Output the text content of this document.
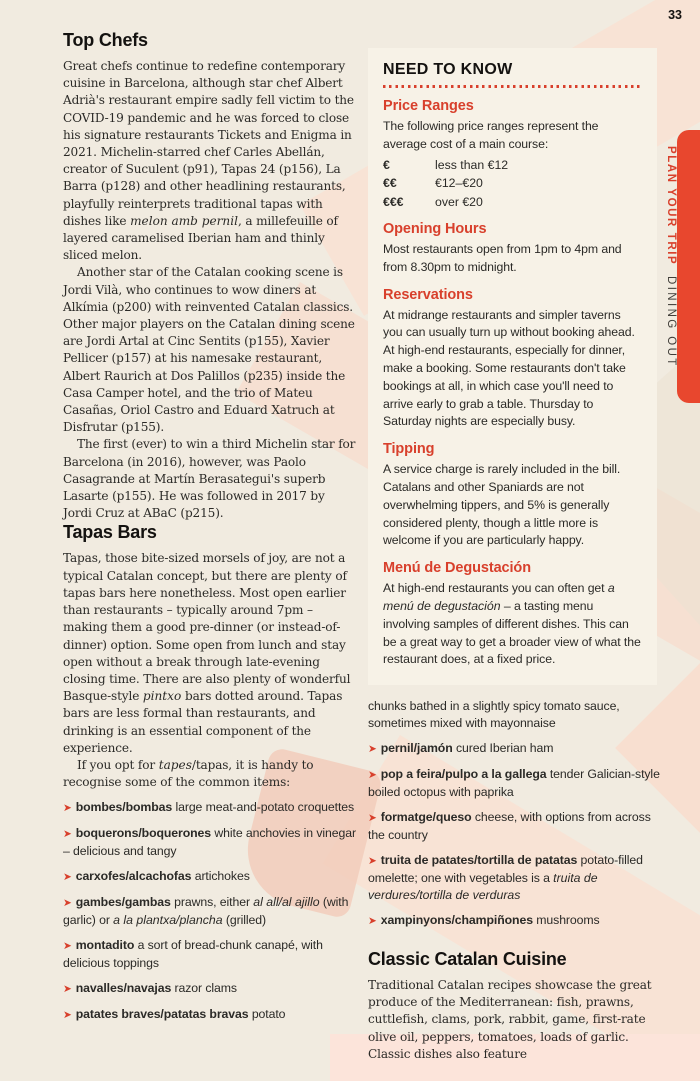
33
PLAN YOUR TRIP DINING OUT
Top Chefs

Great chefs continue to redefine contemporary cuisine in Barcelona, although star chef Albert Adrià's restaurant empire sadly fell victim to the COVID-19 pandemic and he was forced to close his signature restaurants Tickets and Enigma in 2021. Michelin-starred chef Carles Abellán, creator of Suculent (p91), Tapas 24 (p156), La Barra (p128) and other headlining restaurants, playfully reinterprets traditional tapas with dishes like melon amb pernil, a millefeuille of layered caramelised Iberian ham and thinly sliced melon.

Another star of the Catalan cooking scene is Jordi Vilà, who continues to wow diners at Alkímia (p200) with reinvented Catalan classics. Other major players on the Catalan dining scene are Jordi Artal at Cinc Sentits (p155), Xavier Pellicer (p157) at his namesake restaurant, Albert Raurich at Dos Palillos (p235) inside the Casa Camper hotel, and the trio of Mateu Casañas, Oriol Castro and Eduard Xatruch at Disfrutar (p155).

The first (ever) to win a third Michelin star for Barcelona (in 2016), however, was Paolo Casagrande at Martín Berasategui's superb Lasarte (p155). He was followed in 2017 by Jordi Cruz at ABaC (p215).

Tapas Bars

Tapas, those bite-sized morsels of joy, are not a typical Catalan concept, but there are plenty of tapas bars here nonetheless. Most open earlier than restaurants – typically around 7pm – making them a good pre-dinner (or instead-of-dinner) option. Some open from lunch and stay open without a break through late-evening closing time. There are also plenty of wonderful Basque-style pintxo bars dotted around. Tapas bars are less formal than restaurants, and drinking is an essential component of the experience.

If you opt for tapes/tapas, it is handy to recognise some of the common items:

➤ bombes/bombas large meat-and-potato croquettes

➤ boquerons/boquerones white anchovies in vinegar – delicious and tangy

➤ carxofes/alcachofas artichokes

➤ gambes/gambas prawns, either al all/al ajillo (with garlic) or a la plantxa/plancha (grilled)

➤ montadito a sort of bread-chunk canapé, with delicious toppings

➤ navalles/navajas razor clams

➤ patates braves/patatas bravas potato

NEED TO KNOW
Price Ranges

The following price ranges represent the average cost of a main course:

€	less than €12
€€	€12–€20
€€€	over €20
Opening Hours

Most restaurants open from 1pm to 4pm and from 8.30pm to midnight.

Reservations

At midrange restaurants and simpler taverns you can usually turn up without booking ahead. At high-end restaurants, especially for dinner, make a booking. Some restaurants don't take bookings at all, in which case you'll need to arrive early to grab a table. Thursday to Saturday nights are especially busy.

Tipping

A service charge is rarely included in the bill. Catalans and other Spaniards are not overwhelming tippers, and 5% is generally considered plenty, though a little more is welcome if you are particularly happy.

Menú de Degustación

At high-end restaurants you can often get a menú de degustación – a tasting menu involving samples of different dishes. This can be a great way to get a broader view of what the restaurant does, at a fixed price.

chunks bathed in a slightly spicy tomato sauce, sometimes mixed with mayonnaise

➤ pernil/jamón cured Iberian ham

➤ pop a feira/pulpo a la gallega tender Galician-style boiled octopus with paprika

➤ formatge/queso cheese, with options from across the country

➤ truita de patates/tortilla de patatas potato-filled omelette; one with vegetables is a truita de verdures/tortilla de verduras

➤ xampinyons/champiñones mushrooms

Classic Catalan Cuisine

Traditional Catalan recipes showcase the great produce of the Mediterranean: fish, prawns, cuttlefish, clams, pork, rabbit, game, first-rate olive oil, peppers, tomatoes, loads of garlic. Classic dishes also feature
